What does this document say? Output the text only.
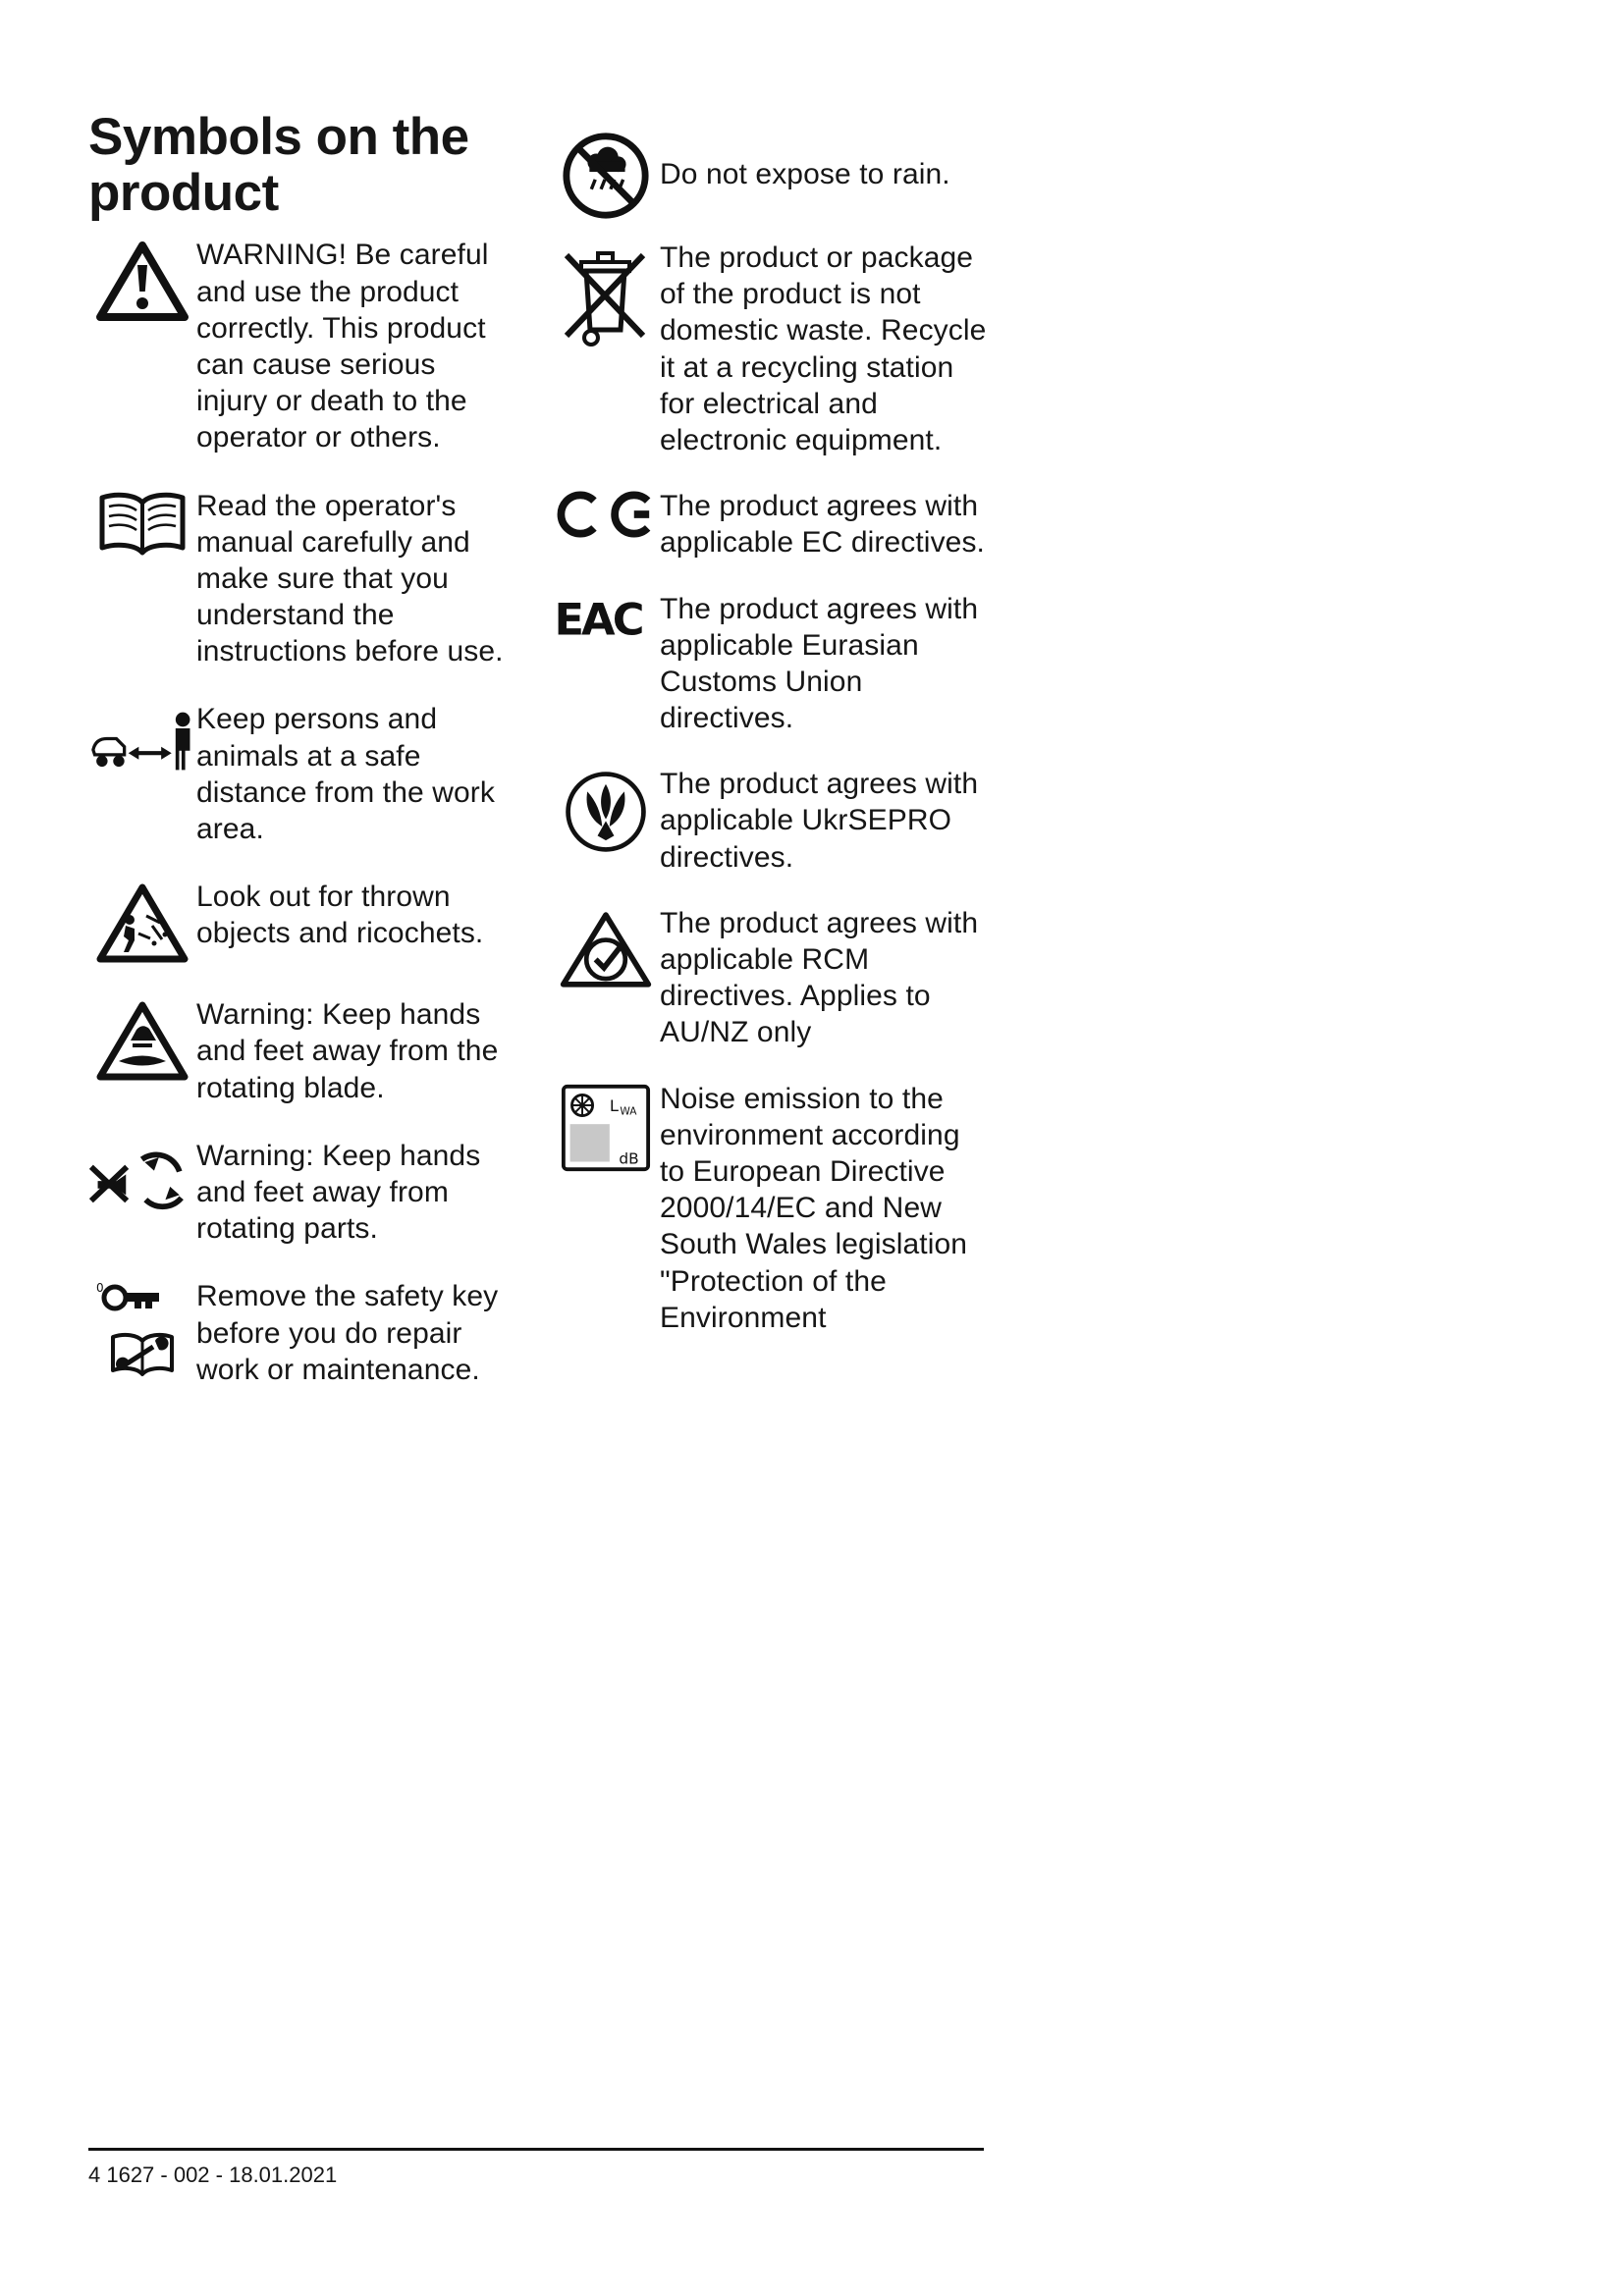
Symbols on the product

WARNING! Be careful and use the product correctly. This product can cause serious injury or death to the operator or others.

Read the operator's manual carefully and make sure that you understand the instructions before use.

Keep persons and animals at a safe distance from the work area.

Look out for thrown objects and ricochets.

Warning: Keep hands and feet away from the rotating blade.

Warning: Keep hands and feet away from rotating parts.

0	Remove the safety key before you do repair work or maintenance.

Do not expose to rain.

The product or package of the product is not domestic waste. Recycle it at a recycling station for electrical and electronic equipment.

The product agrees with applicable EC directives.

EAC The product agrees with applicable Eurasian Customs Union directives.

The product agrees with applicable UkrSEPRO directives.

The product agrees with applicable RCM directives. Applies to AU/NZ only

L WA
dB

Noise emission to the environment according to European Directive 2000/14/EC and New South Wales legislation "Protection of the Environment

4 1627 - 002 - 18.01.2021
